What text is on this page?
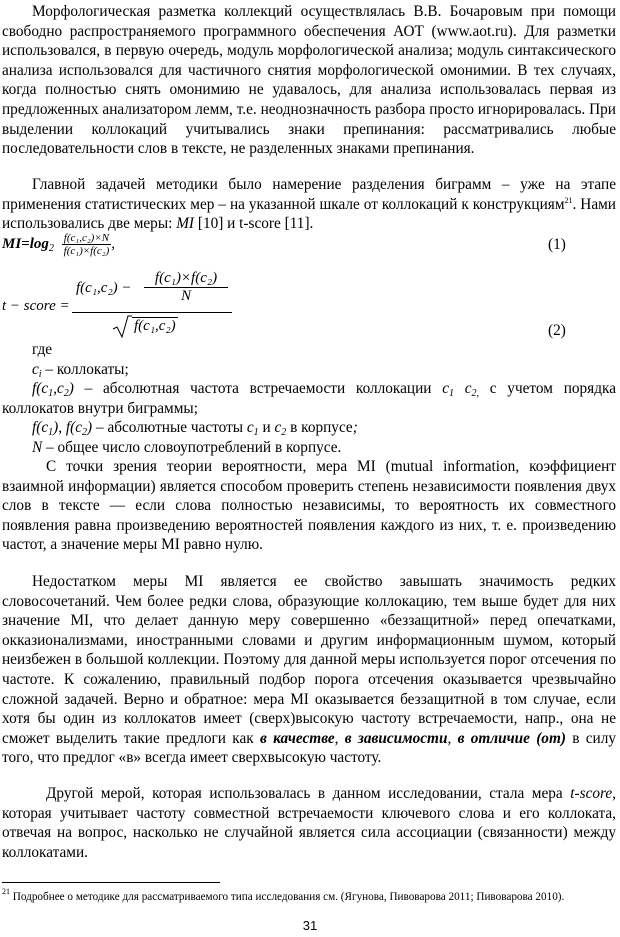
Морфологическая разметка коллекций осуществлялась В.В. Бочаровым при помощи свободно распространяемого программного обеспечения АОТ (www.aot.ru). Для разметки использовался, в первую очередь, модуль морфологической анализа; модуль синтаксического анализа использовался для частичного снятия морфологической омонимии. В тех случаях, когда полностью снять омонимию не удавалось, для анализа использовалась первая из предложенных анализатором лемм, т.е. неоднозначность разбора просто игнорировалась. При выделении коллокаций учитывались знаки препинания: рассматривались любые последовательности слов в тексте, не разделенных знаками препинания.

Главной задачей методики было намерение разделения биграмм – уже на этапе применения статистических мер – на указанной шкале от коллокаций к конструкциям$^{21}$. Нами использовались две меры: MI [10] и t-score [11].

$MI=\log_2 \frac{\text{f(c₁,c₂)×N}}{\text{f(c₁)×f(c₂)}}$ ,	(1)
t − score = $\frac{f(c_1,c_2) - \frac{\text{f(c₁)×f(c₂)}}{N}}{\text{f(c₁,c₂)}}$	(2)

где

$c_i$ – коллокаты;

$f(c_1,c_2)$ – абсолютная частота встречаемости коллокации $c_1$ $c_{2,}$ с учетом порядка коллокатов внутри биграммы;

$f(c_1)$, $f(c_2)$ – абсолютные частоты $c_1$ и $c_2$ в корпусе;

N – общее число словоупотреблений в корпусе.

С точки зрения теории вероятности, мера MI (mutual information, коэффициент взаимной информации) является способом проверить степень независимости появления двух слов в тексте — если слова полностью независимы, то вероятность их совместного появления равна произведению вероятностей появления каждого из них, т. е. произведению частот, а значение меры MI равно нулю.

Недостатком меры MI является ее свойство завышать значимость редких словосочетаний. Чем более редки слова, образующие коллокацию, тем выше будет для них значение MI, что делает данную меру совершенно «беззащитной» перед опечатками, окказионализмами, иностранными словами и другим информационным шумом, который неизбежен в большой коллекции. Поэтому для данной меры используется порог отсечения по частоте. К сожалению, правильный подбор порога отсечения оказывается чрезвычайно сложной задачей. Верно и обратное: мера MI оказывается беззащитной в том случае, если хотя бы один из коллокатов имеет (сверх)высокую частоту встречаемости, напр., она не сможет выделить такие предлоги как в качестве, в зависимости, в отличие (от) в силу того, что предлог «в» всегда имеет сверхвысокую частоту.

Другой мерой, которая использовалась в данном исследовании, стала мера t-score, которая учитывает частоту совместной встречаемости ключевого слова и его коллоката, отвечая на вопрос, насколько не случайной является сила ассоциации (связанности) между коллокатами.

$^{21}$ Подробнее о методике для рассматриваемого типа исследования см. (Ягунова, Пивоварова 2011; Пивоварова 2010).
31
